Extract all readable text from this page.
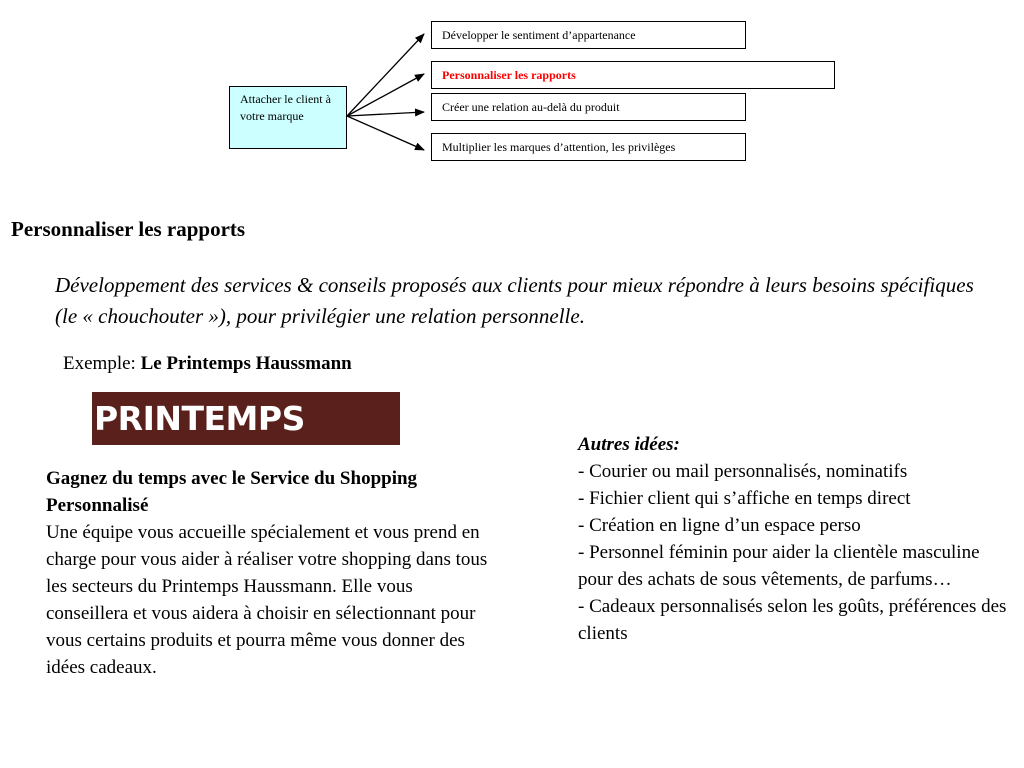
Attacher le client à votre marque
Développer le sentiment d’appartenance
Personnaliser les rapports
Créer une relation au-delà du produit
Multiplier les marques d’attention, les privilèges
Personnaliser les rapports
Développement des services & conseils proposés aux clients pour mieux répondre à leurs besoins spécifiques (le « chouchouter »), pour privilégier une relation personnelle.
Exemple: Le Printemps Haussmann
PRINTEMPS
Gagnez du temps avec le Service du Shopping Personnalisé
Une équipe vous accueille spécialement et vous prend en charge pour vous aider à réaliser votre shopping dans tous les secteurs du Printemps Haussmann. Elle vous conseillera et vous aidera à choisir en sélectionnant pour vous certains produits et pourra même vous donner des idées cadeaux.
Autres idées:
- Courier ou mail personnalisés, nominatifs
- Fichier client qui s’affiche en temps direct
- Création en ligne d’un espace perso
- Personnel féminin pour aider la clientèle masculine pour des achats de sous vêtements, de parfums…
- Cadeaux personnalisés selon les goûts, préférences des clients
